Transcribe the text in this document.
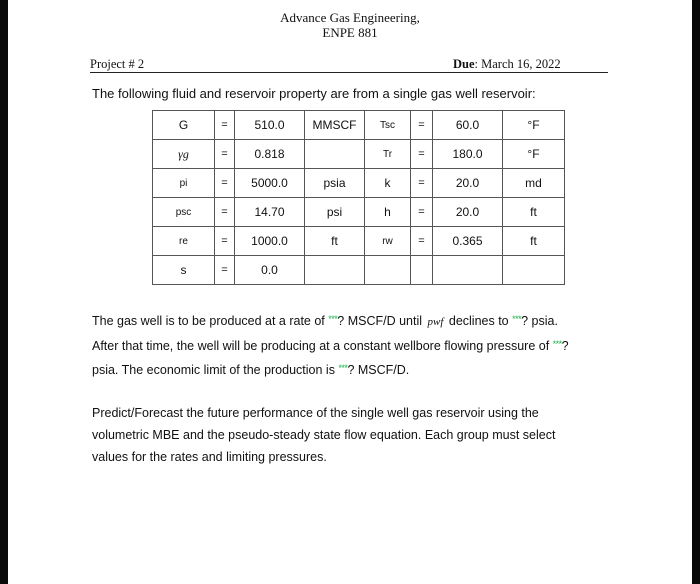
Advance Gas Engineering,
ENPE 881
Project # 2	Due: March 16, 2022
The following fluid and reservoir property are from a single gas well reservoir:
G	=	510.0	MMSCF	Tsc	=	60.0	°F
γg	=	0.818		Tr	=	180.0	°F
pi	=	5000.0	psia	k	=	20.0	md
psc	=	14.70	psi	h	=	20.0	ft
re	=	1000.0	ft	rw	=	0.365	ft
s	=	0.0					
The gas well is to be produced at a rate of ***? MSCF/D until pwf declines to ***? psia.
After that time, the well will be producing at a constant wellbore flowing pressure of ***?
psia. The economic limit of the production is ***? MSCF/D.
Predict/Forecast the future performance of the single well gas reservoir using the
volumetric MBE and the pseudo-steady state flow equation. Each group must select
values for the rates and limiting pressures.
